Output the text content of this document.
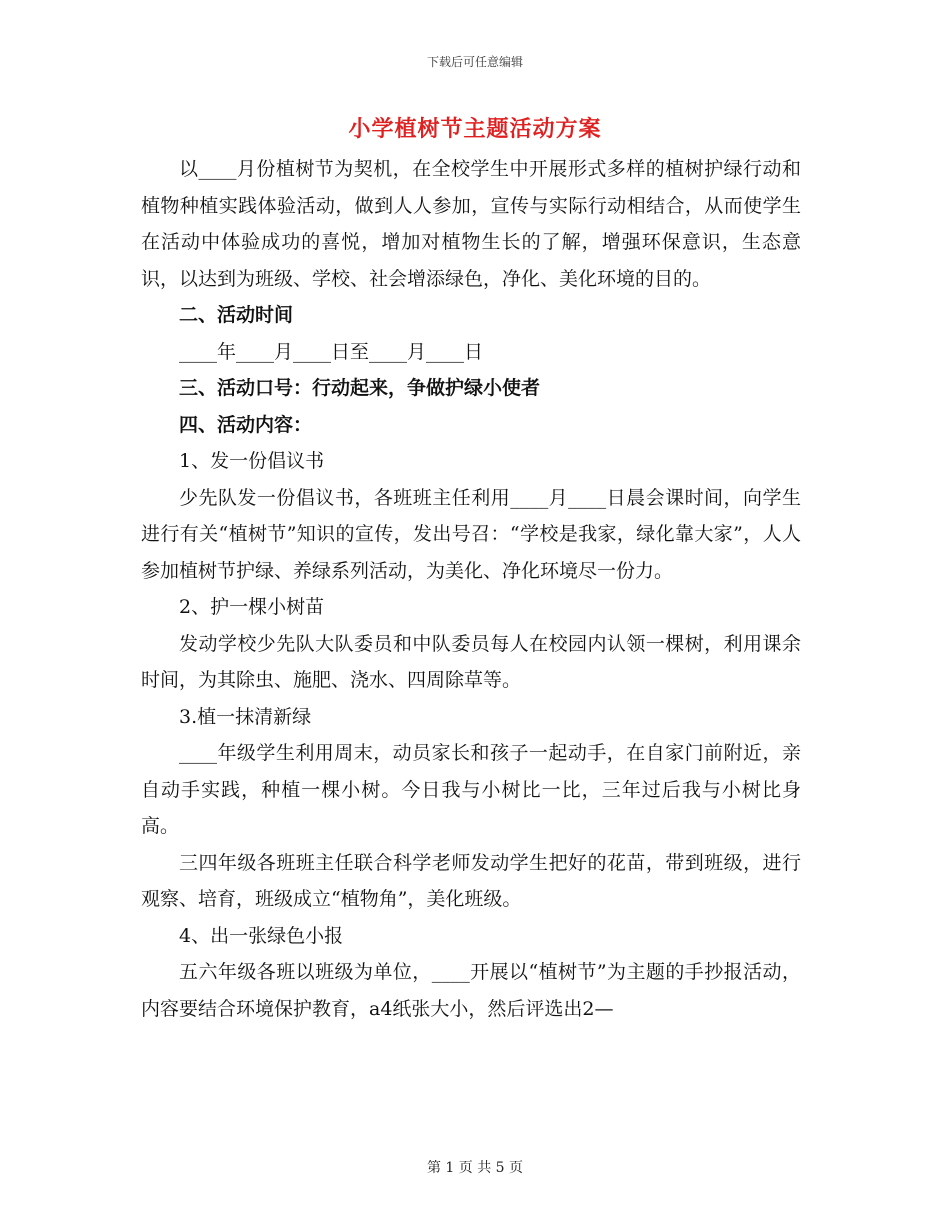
下载后可任意编辑
小学植树节主题活动方案

以____月份植树节为契机，在全校学生中开展形式多样的植树护绿行动和植物种植实践体验活动，做到人人参加，宣传与实际行动相结合，从而使学生在活动中体验成功的喜悦，增加对植物生长的了解，增强环保意识，生态意识，以达到为班级、学校、社会增添绿色，净化、美化环境的目的。

二、活动时间

____年____月____日至____月____日

三、活动口号：行动起来，争做护绿小使者

四、活动内容：

1、发一份倡议书

少先队发一份倡议书，各班班主任利用____月____日晨会课时间，向学生进行有关“植树节”知识的宣传，发出号召：“学校是我家，绿化靠大家”，人人参加植树节护绿、养绿系列活动，为美化、净化环境尽一份力。

2、护一棵小树苗

发动学校少先队大队委员和中队委员每人在校园内认领一棵树，利用课余时间，为其除虫、施肥、浇水、四周除草等。

3.植一抹清新绿

____年级学生利用周末，动员家长和孩子一起动手，在自家门前附近，亲自动手实践，种植一棵小树。今日我与小树比一比，三年过后我与小树比身高。

三四年级各班班主任联合科学老师发动学生把好的花苗，带到班级，进行观察、培育，班级成立“植物角”，美化班级。

4、出一张绿色小报

五六年级各班以班级为单位，____开展以“植树节”为主题的手抄报活动，内容要结合环境保护教育，a4纸张大小，然后评选出2—

第 1 页 共 5 页
